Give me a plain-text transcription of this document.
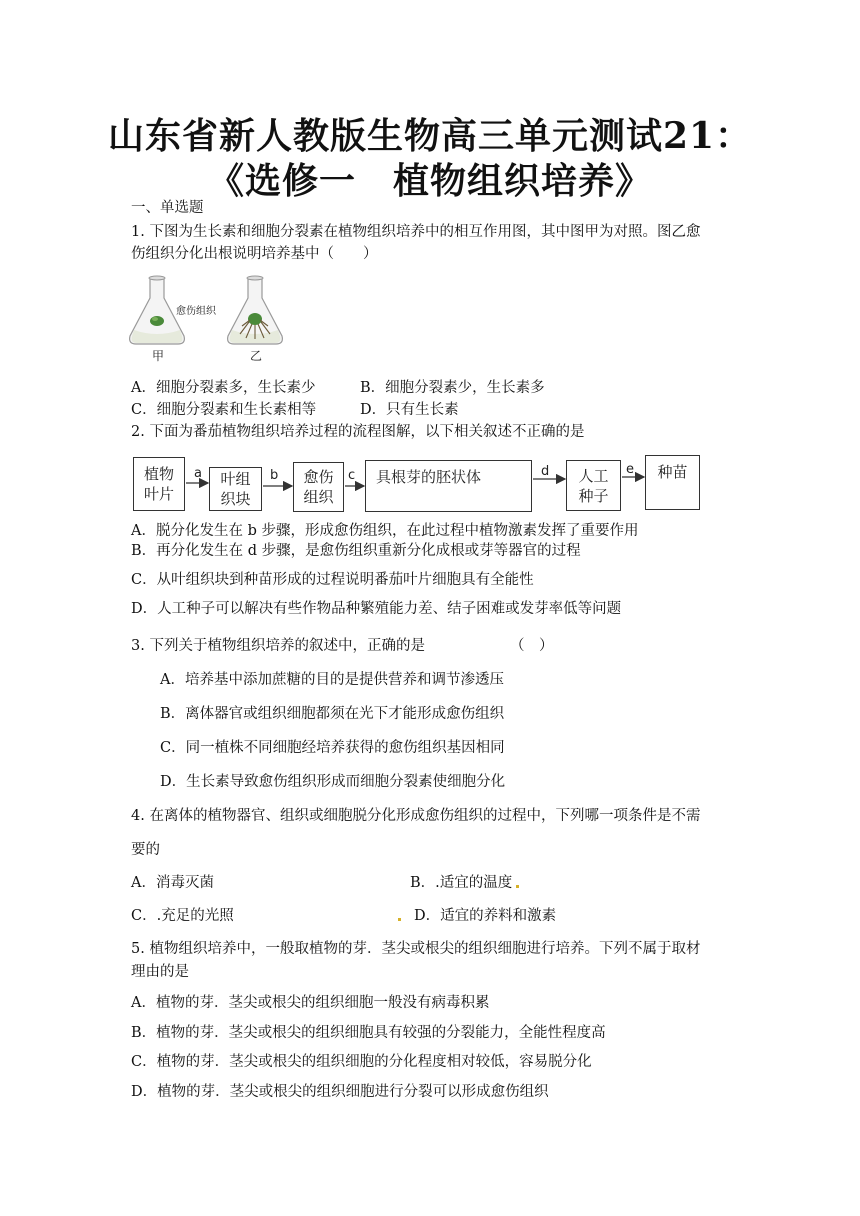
山东省新人教版生物高三单元测试21：
《选修一　植物组织培养》
一、单选题
1. 下图为生长素和细胞分裂素在植物组织培养中的相互作用图，其中图甲为对照。图乙愈
伤组织分化出根说明培养基中（　　）
愈伤组织
甲	乙
A．细胞分裂素多，生长素少	B．细胞分裂素少，生长素多
C．细胞分裂素和生长素相等	D．只有生长素
2. 下面为番茄植物组织培养过程的流程图解，以下相关叙述不正确的是
植物
叶片
叶组
织块
愈伤
组织
具根芽的胚状体	人工
种子
种苗
a	b	c	d	e
A．脱分化发生在 b 步骤，形成愈伤组织，在此过程中植物激素发挥了重要作用
B．再分化发生在 d 步骤，是愈伤组织重新分化成根或芽等器官的过程
C．从叶组织块到种苗形成的过程说明番茄叶片细胞具有全能性
D．人工种子可以解决有些作物品种繁殖能力差、结子困难或发芽率低等问题
3. 下列关于植物组织培养的叙述中，正确的是	（　）
A．培养基中添加蔗糖的目的是提供营养和调节渗透压
B．离体器官或组织细胞都须在光下才能形成愈伤组织
C．同一植株不同细胞经培养获得的愈伤组织基因相同
D．生长素导致愈伤组织形成而细胞分裂素使细胞分化
4. 在离体的植物器官、组织或细胞脱分化形成愈伤组织的过程中，下列哪一项条件是不需
要的
A．消毒灭菌	B．.适宜的温度
C．.充足的光照	D．适宜的养料和激素
5. 植物组织培养中，一般取植物的芽．茎尖或根尖的组织细胞进行培养。下列不属于取材
理由的是
A．植物的芽．茎尖或根尖的组织细胞一般没有病毒积累
B．植物的芽．茎尖或根尖的组织细胞具有较强的分裂能力，全能性程度高
C．植物的芽．茎尖或根尖的组织细胞的分化程度相对较低，容易脱分化
D．植物的芽．茎尖或根尖的组织细胞进行分裂可以形成愈伤组织
